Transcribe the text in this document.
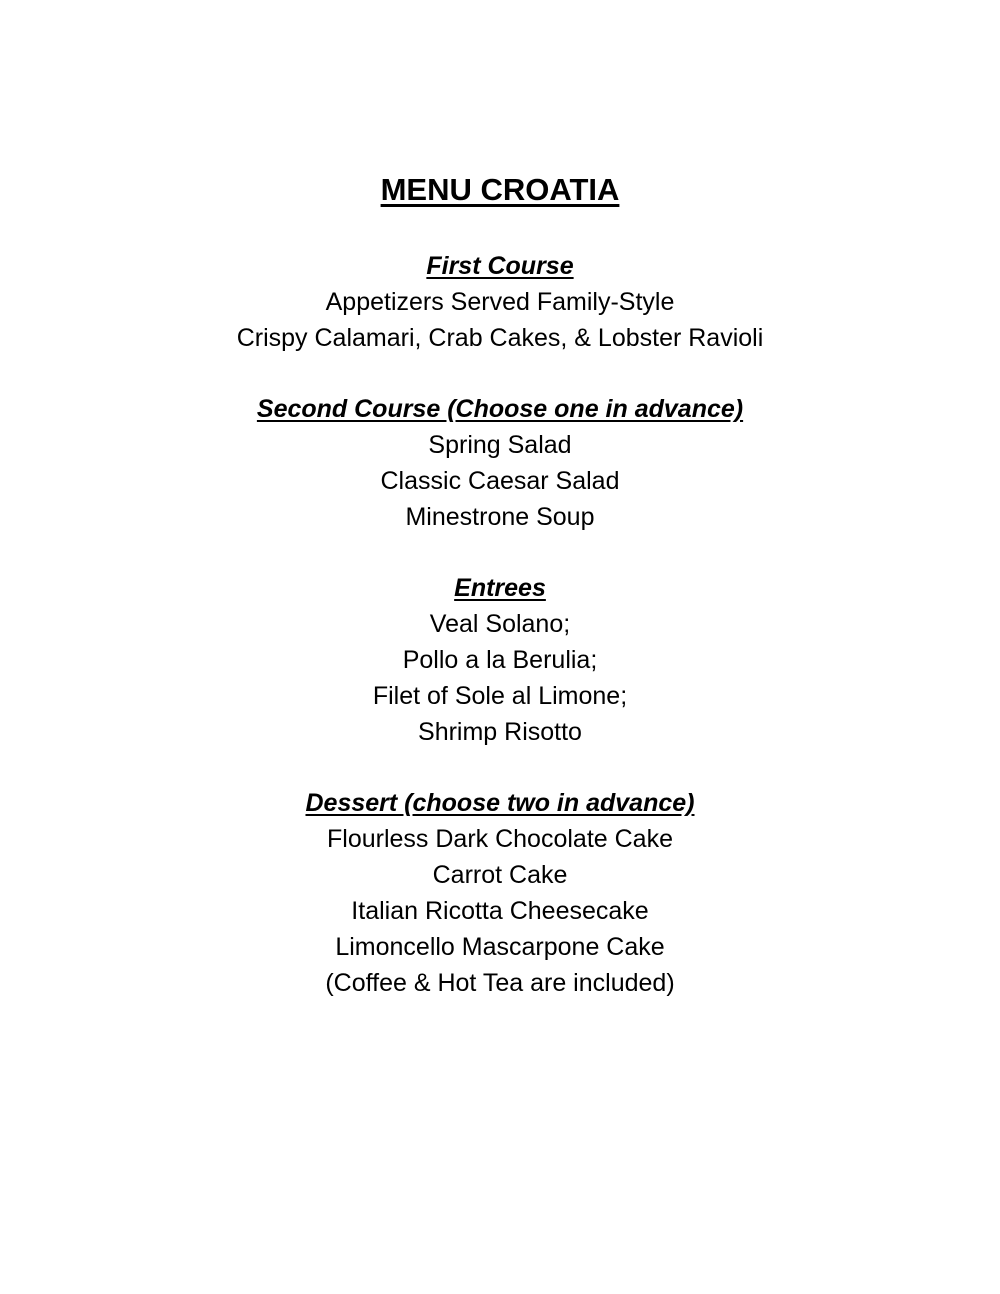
MENU CROATIA
First Course
Appetizers Served Family-Style
Crispy Calamari, Crab Cakes, & Lobster Ravioli
Second Course (Choose one in advance)
Spring Salad
Classic Caesar Salad
Minestrone Soup
Entrees
Veal Solano;
Pollo a la Berulia;
Filet of Sole al Limone;
Shrimp Risotto
Dessert (choose two in advance)
Flourless Dark Chocolate Cake
Carrot Cake
Italian Ricotta Cheesecake
Limoncello Mascarpone Cake
(Coffee & Hot Tea are included)
